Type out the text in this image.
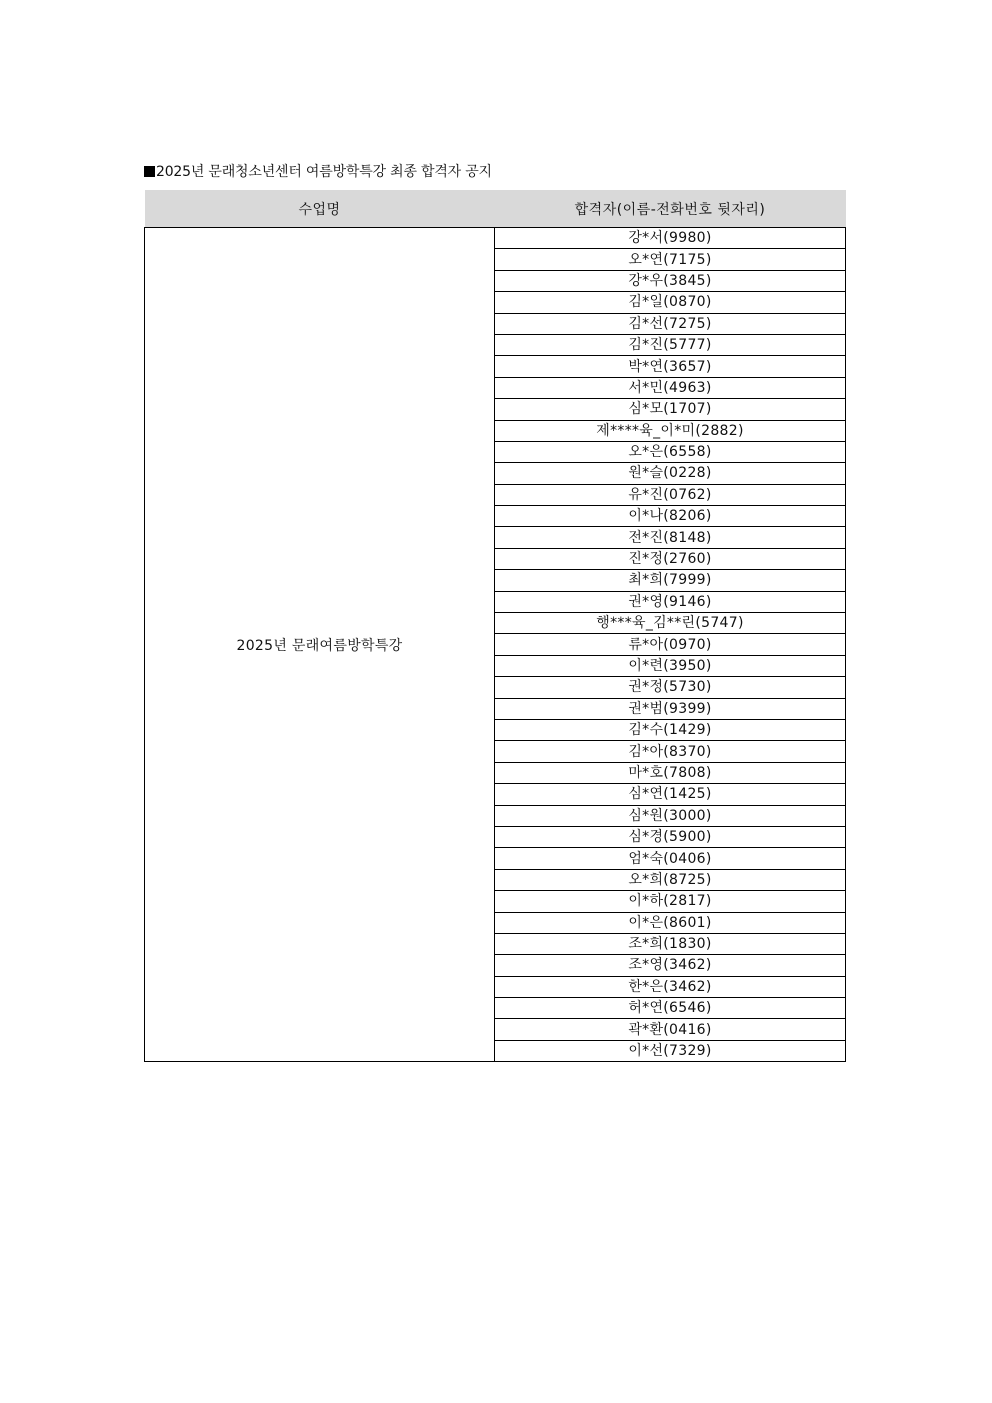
2025년 문래청소년센터 여름방학특강 최종 합격자 공지
수업명	합격자(이름-전화번호 뒷자리)
2025년 문래여름방학특강	강*서(9980)
	오*연(7175)
	강*우(3845)
	김*일(0870)
	김*선(7275)
	김*진(5777)
	박*연(3657)
	서*민(4963)
	심*모(1707)
	제****육_이*미(2882)
	오*은(6558)
	원*슬(0228)
	유*진(0762)
	이*나(8206)
	전*진(8148)
	진*정(2760)
	최*희(7999)
	권*영(9146)
	행***육_김**린(5747)
	류*아(0970)
	이*련(3950)
	권*정(5730)
	권*범(9399)
	김*수(1429)
	김*아(8370)
	마*호(7808)
	심*연(1425)
	심*원(3000)
	심*경(5900)
	엄*숙(0406)
	오*희(8725)
	이*하(2817)
	이*은(8601)
	조*희(1830)
	조*영(3462)
	한*은(3462)
	허*연(6546)
	곽*환(0416)
	이*선(7329)
